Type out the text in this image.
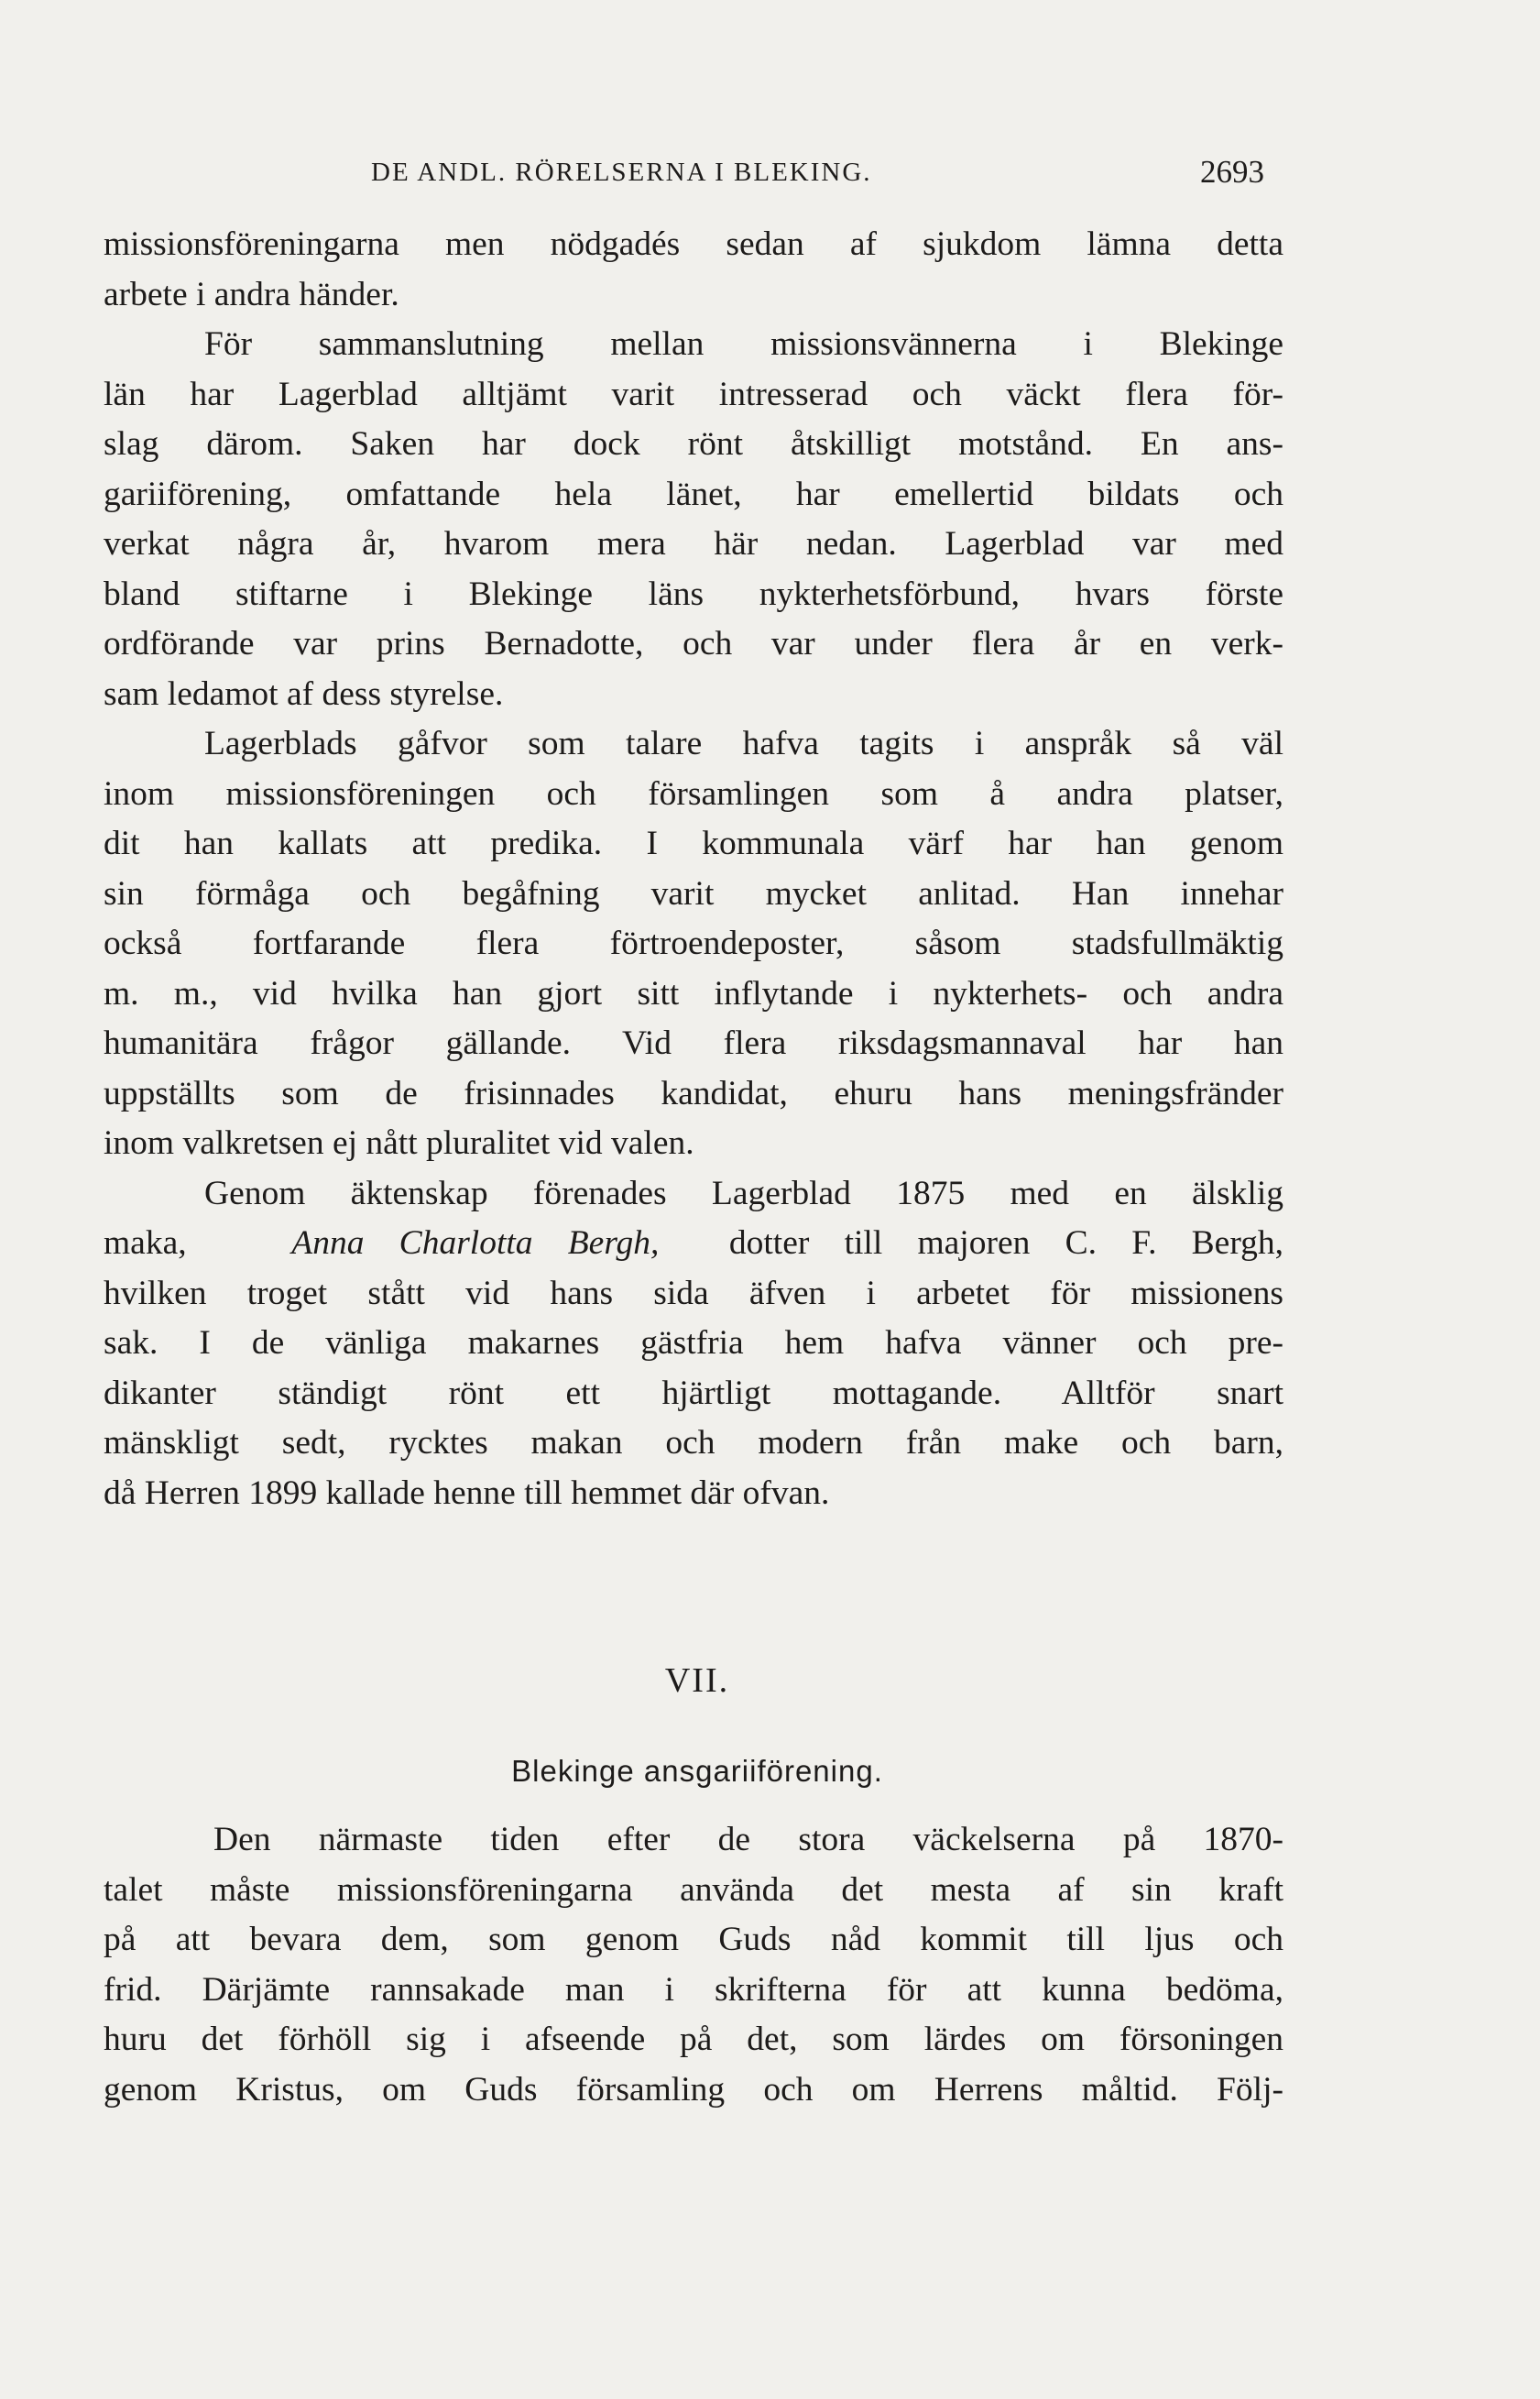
DE ANDL. RÖRELSERNA I BLEKING.	2693
missionsföreningarna men nödgadés sedan af sjukdom lämna detta
arbete i andra händer.
För sammanslutning mellan missionsvännerna i Blekinge
län har Lagerblad alltjämt varit intresserad och väckt flera för-
slag därom. Saken har dock rönt åtskilligt motstånd. En ans-
gariiförening, omfattande hela länet, har emellertid bildats och
verkat några år, hvarom mera här nedan. Lagerblad var med
bland stiftarne i Blekinge läns nykterhetsförbund, hvars förste
ordförande var prins Bernadotte, och var under flera år en verk-
sam ledamot af dess styrelse.
Lagerblads gåfvor som talare hafva tagits i anspråk så väl
inom missionsföreningen och församlingen som å andra platser,
dit han kallats att predika. I kommunala värf har han genom
sin förmåga och begåfning varit mycket anlitad. Han innehar
också fortfarande flera förtroendeposter, såsom stadsfullmäktig
m. m., vid hvilka han gjort sitt inflytande i nykterhets- och andra
humanitära frågor gällande. Vid flera riksdagsmannaval har han
uppställts som de frisinnades kandidat, ehuru hans meningsfränder
inom valkretsen ej nått pluralitet vid valen.
Genom äktenskap förenades Lagerblad 1875 med en älsklig
maka,	Anna Charlotta Bergh, dotter till majoren C. F. Bergh,
hvilken troget stått vid hans sida äfven i arbetet för missionens
sak. I de vänliga makarnes gästfria hem hafva vänner och pre-
dikanter ständigt rönt ett hjärtligt mottagande. Alltför snart
mänskligt sedt, rycktes makan och modern från make och barn,
då Herren 1899 kallade henne till hemmet där ofvan.
VII.
Blekinge ansgariiförening.
Den närmaste tiden efter de stora väckelserna på 1870-
talet måste missionsföreningarna använda det mesta af sin kraft
på att bevara dem, som genom Guds nåd kommit till ljus och
frid. Därjämte rannsakade man i skrifterna för att kunna bedöma,
huru det förhöll sig i afseende på det, som lärdes om försoningen
genom Kristus, om Guds församling och om Herrens måltid. Följ-
